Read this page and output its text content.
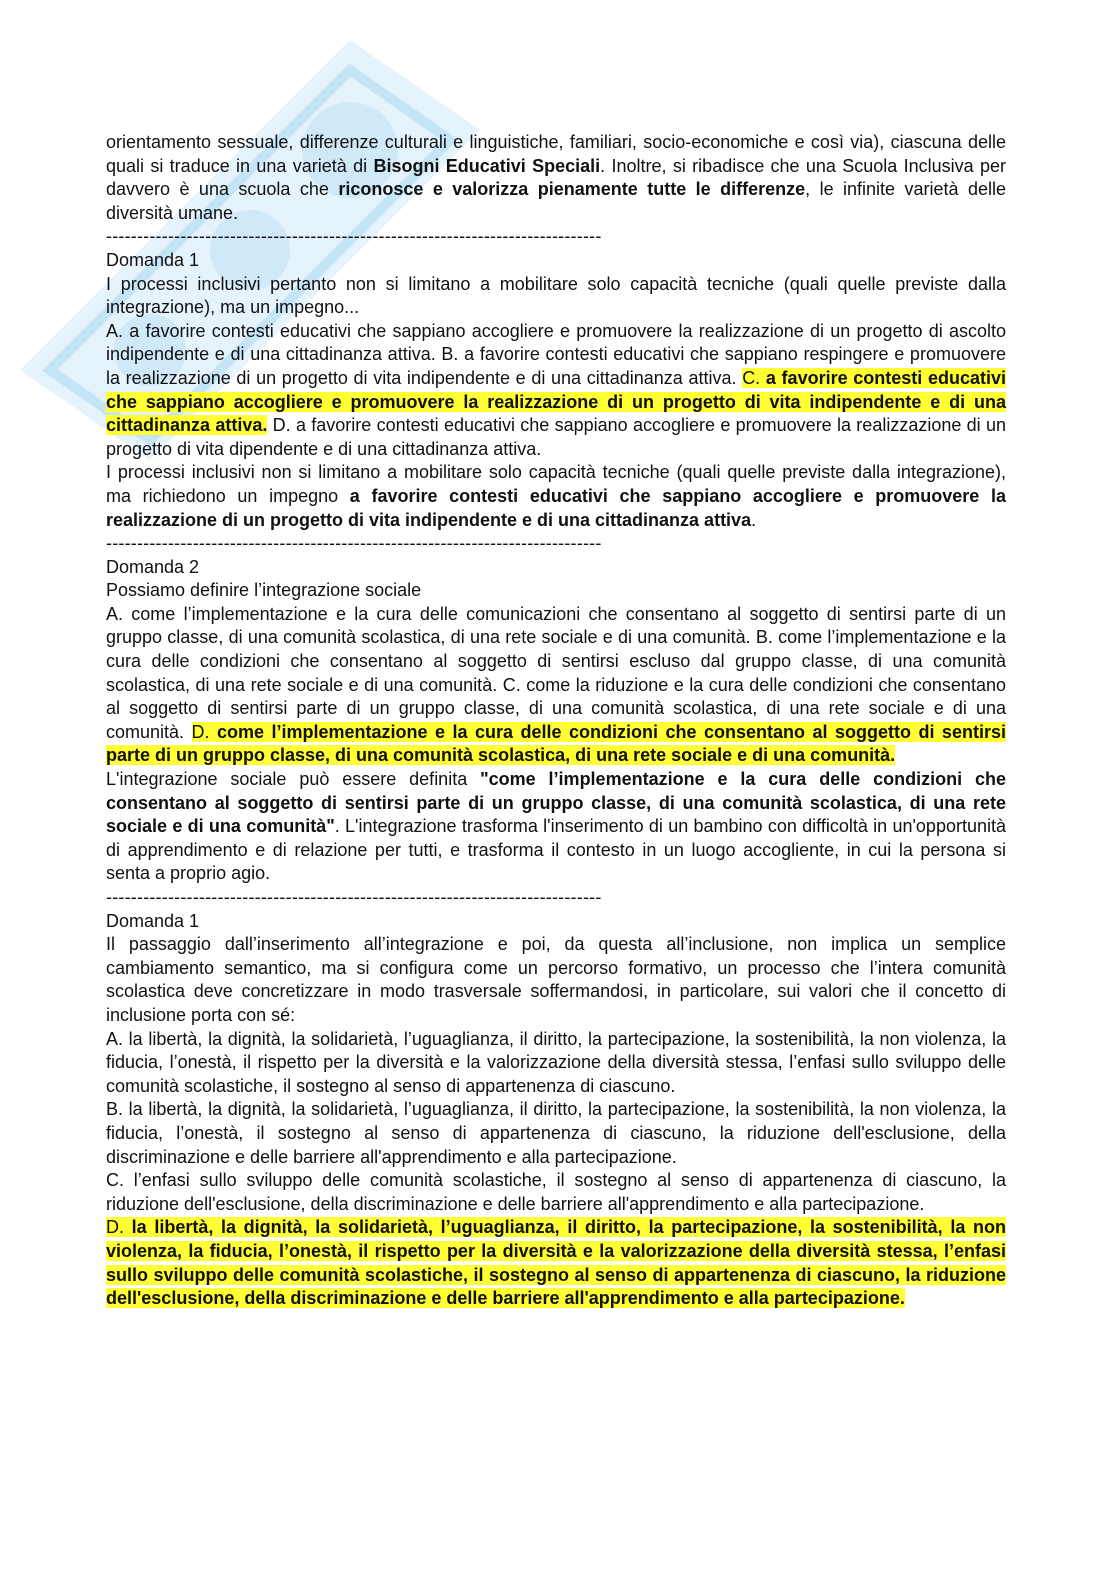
orientamento sessuale, differenze culturali e linguistiche, familiari, socio-economiche e così via), ciascuna delle quali si traduce in una varietà di Bisogni Educativi Speciali. Inoltre, si ribadisce che una Scuola Inclusiva per davvero è una scuola che riconosce e valorizza pienamente tutte le differenze, le infinite varietà delle diversità umane.

--------------------------------------------------------------------------------

Domanda 1

I processi inclusivi pertanto non si limitano a mobilitare solo capacità tecniche (quali quelle previste dalla integrazione), ma un impegno...

A. a favorire contesti educativi che sappiano accogliere e promuovere la realizzazione di un progetto di ascolto indipendente e di una cittadinanza attiva. B. a favorire contesti educativi che sappiano respingere e promuovere la realizzazione di un progetto di vita indipendente e di una cittadinanza attiva. C. a favorire contesti educativi che sappiano accogliere e promuovere la realizzazione di un progetto di vita indipendente e di una cittadinanza attiva. D. a favorire contesti educativi che sappiano accogliere e promuovere la realizzazione di un progetto di vita dipendente e di una cittadinanza attiva.

I processi inclusivi non si limitano a mobilitare solo capacità tecniche (quali quelle previste dalla integrazione), ma richiedono un impegno a favorire contesti educativi che sappiano accogliere e promuovere la realizzazione di un progetto di vita indipendente e di una cittadinanza attiva.

--------------------------------------------------------------------------------

Domanda 2

Possiamo definire l’integrazione sociale

A. come l’implementazione e la cura delle comunicazioni che consentano al soggetto di sentirsi parte di un gruppo classe, di una comunità scolastica, di una rete sociale e di una comunità. B. come l’implementazione e la cura delle condizioni che consentano al soggetto di sentirsi escluso dal gruppo classe, di una comunità scolastica, di una rete sociale e di una comunità. C. come la riduzione e la cura delle condizioni che consentano al soggetto di sentirsi parte di un gruppo classe, di una comunità scolastica, di una rete sociale e di una comunità. D. come l’implementazione e la cura delle condizioni che consentano al soggetto di sentirsi parte di un gruppo classe, di una comunità scolastica, di una rete sociale e di una comunità.

L'integrazione sociale può essere definita "come l’implementazione e la cura delle condizioni che consentano al soggetto di sentirsi parte di un gruppo classe, di una comunità scolastica, di una rete sociale e di una comunità". L'integrazione trasforma l'inserimento di un bambino con difficoltà in un'opportunità di apprendimento e di relazione per tutti, e trasforma il contesto in un luogo accogliente, in cui la persona si senta a proprio agio.

--------------------------------------------------------------------------------

Domanda 1

Il passaggio dall’inserimento all’integrazione e poi, da questa all’inclusione, non implica un semplice cambiamento semantico, ma si configura come un percorso formativo, un processo che l’intera comunità scolastica deve concretizzare in modo trasversale soffermandosi, in particolare, sui valori che il concetto di inclusione porta con sé:

A. la libertà, la dignità, la solidarietà, l’uguaglianza, il diritto, la partecipazione, la sostenibilità, la non violenza, la fiducia, l’onestà, il rispetto per la diversità e la valorizzazione della diversità stessa, l’enfasi sullo sviluppo delle comunità scolastiche, il sostegno al senso di appartenenza di ciascuno.

B. la libertà, la dignità, la solidarietà, l’uguaglianza, il diritto, la partecipazione, la sostenibilità, la non violenza, la fiducia, l’onestà, il sostegno al senso di appartenenza di ciascuno, la riduzione dell'esclusione, della discriminazione e delle barriere all'apprendimento e alla partecipazione.

C. l’enfasi sullo sviluppo delle comunità scolastiche, il sostegno al senso di appartenenza di ciascuno, la riduzione dell'esclusione, della discriminazione e delle barriere all'apprendimento e alla partecipazione.

D. la libertà, la dignità, la solidarietà, l’uguaglianza, il diritto, la partecipazione, la sostenibilità, la non violenza, la fiducia, l’onestà, il rispetto per la diversità e la valorizzazione della diversità stessa, l’enfasi sullo sviluppo delle comunità scolastiche, il sostegno al senso di appartenenza di ciascuno, la riduzione dell'esclusione, della discriminazione e delle barriere all'apprendimento e alla partecipazione.
